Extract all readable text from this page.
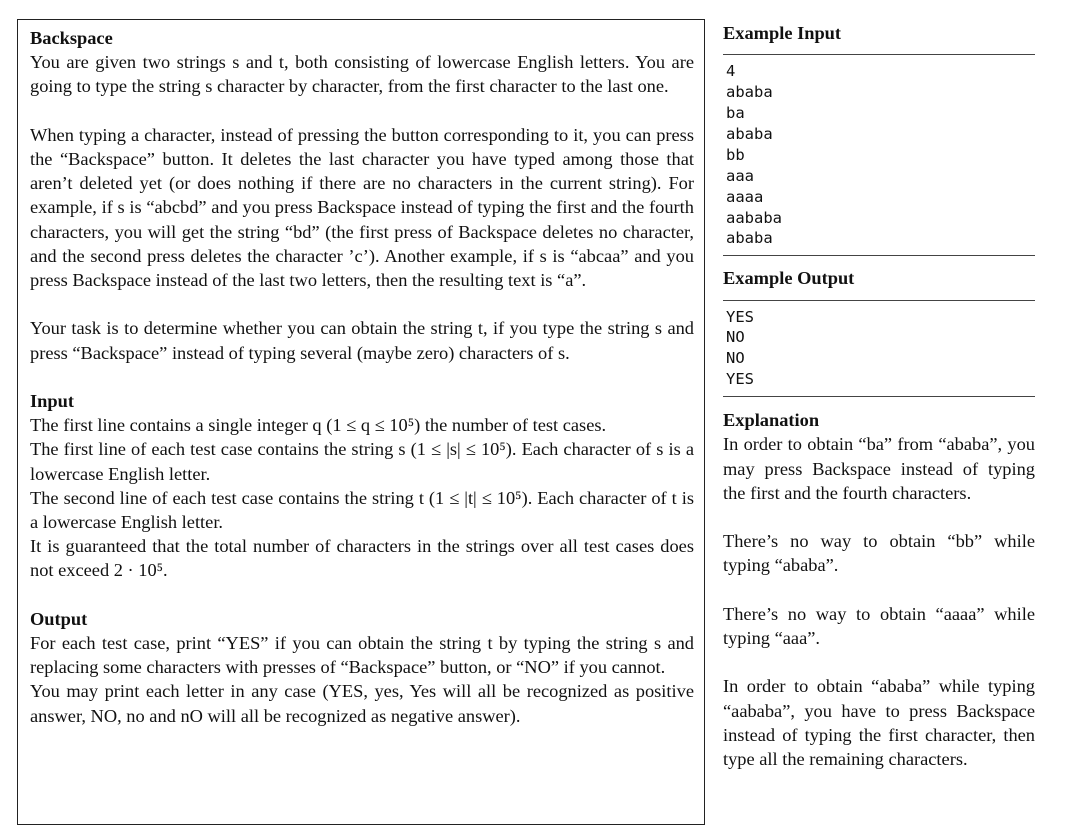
Backspace

You are given two strings s and t, both consisting of lowercase English letters. You are going to type the string s character by character, from the first character to the last one.

When typing a character, instead of pressing the button corresponding to it, you can press the “Backspace” button. It deletes the last character you have typed among those that aren’t deleted yet (or does nothing if there are no characters in the current string). For example, if s is “abcbd” and you press Backspace instead of typing the first and the fourth characters, you will get the string “bd” (the first press of Backspace deletes no character, and the second press deletes the character ’c’). Another example, if s is “abcaa” and you press Backspace instead of the last two letters, then the resulting text is “a”.

Your task is to determine whether you can obtain the string t, if you type the string s and press “Backspace” instead of typing several (maybe zero) characters of s.

Input

The first line contains a single integer q (1 ≤ q ≤ 10⁵) the number of test cases.

The first line of each test case contains the string s (1 ≤ |s| ≤ 10⁵). Each character of s is a lowercase English letter.

The second line of each test case contains the string t (1 ≤ |t| ≤ 10⁵). Each character of t is a lowercase English letter.

It is guaranteed that the total number of characters in the strings over all test cases does not exceed 2 · 10⁵.

Output

For each test case, print “YES” if you can obtain the string t by typing the string s and replacing some characters with presses of “Backspace” button, or “NO” if you cannot.

You may print each letter in any case (YES, yes, Yes will all be recognized as positive answer, NO, no and nO will all be recognized as negative answer).

Example Input
4
ababa
ba
ababa
bb
aaa
aaaa
aababa
ababa
Example Output
YES
NO
NO
YES
Explanation

In order to obtain “ba” from “ababa”, you may press Backspace instead of typing the first and the fourth characters.

There’s no way to obtain “bb” while typing “ababa”.

There’s no way to obtain “aaaa” while typing “aaa”.

In order to obtain “ababa” while typing “aababa”, you have to press Backspace instead of typing the first character, then type all the remaining characters.
